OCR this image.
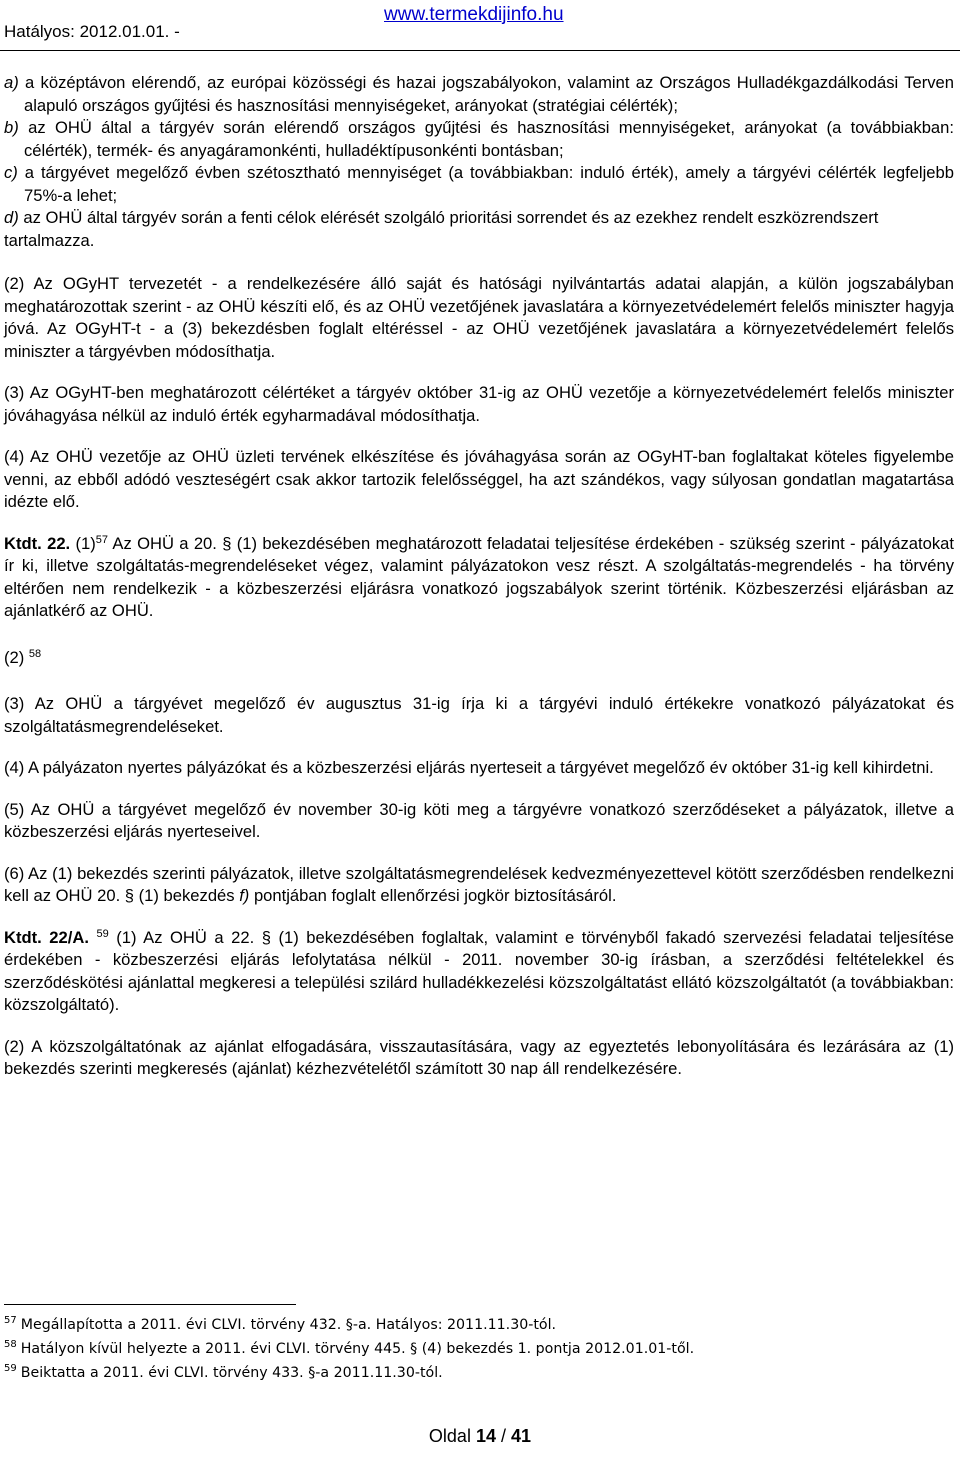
Hatályos: 2012.01.01. -
www.termekdijinfo.hu
a) a középtávon elérendő, az európai közösségi és hazai jogszabályokon, valamint az Országos Hulladékgazdálkodási Terven alapuló országos gyűjtési és hasznosítási mennyiségeket, arányokat (stratégiai célérték);
b) az OHÜ által a tárgyév során elérendő országos gyűjtési és hasznosítási mennyiségeket, arányokat (a továbbiakban: célérték), termék- és anyagáramonkénti, hulladéktípusonkénti bontásban;
c) a tárgyévet megelőző évben szétosztható mennyiséget (a továbbiakban: induló érték), amely a tárgyévi célérték legfeljebb 75%-a lehet;
d) az OHÜ által tárgyév során a fenti célok elérését szolgáló prioritási sorrendet és az ezekhez rendelt eszközrendszert
tartalmazza.
(2) Az OGyHT tervezetét - a rendelkezésére álló saját és hatósági nyilvántartás adatai alapján, a külön jogszabályban meghatározottak szerint - az OHÜ készíti elő, és az OHÜ vezetőjének javaslatára a környezetvédelemért felelős miniszter hagyja jóvá. Az OGyHT-t - a (3) bekezdésben foglalt eltéréssel - az OHÜ vezetőjének javaslatára a környezetvédelemért felelős miniszter a tárgyévben módosíthatja.
(3) Az OGyHT-ben meghatározott célértéket a tárgyév október 31-ig az OHÜ vezetője a környezetvédelemért felelős miniszter jóváhagyása nélkül az induló érték egyharmadával módosíthatja.
(4) Az OHÜ vezetője az OHÜ üzleti tervének elkészítése és jóváhagyása során az OGyHT-ban foglaltakat köteles figyelembe venni, az ebből adódó veszteségért csak akkor tartozik felelősséggel, ha azt szándékos, vagy súlyosan gondatlan magatartása idézte elő.
Ktdt. 22. $(1)^{57}$ Az OHÜ a 20. § (1) bekezdésében meghatározott feladatai teljesítése érdekében - szükség szerint - pályázatokat ír ki, illetve szolgáltatás-megrendeléseket végez, valamint pályázatokon vesz részt. A szolgáltatás-megrendelés - ha törvény eltérően nem rendelkezik - a közbeszerzési eljárásra vonatkozó jogszabályok szerint történik. Közbeszerzési eljárásban az ajánlatkérő az OHÜ.
(2) $^{58}$
(3) Az OHÜ a tárgyévet megelőző év augusztus 31-ig írja ki a tárgyévi induló értékekre vonatkozó pályázatokat és szolgáltatásmegrendeléseket.
(4) A pályázaton nyertes pályázókat és a közbeszerzési eljárás nyerteseit a tárgyévet megelőző év október 31-ig kell kihirdetni.
(5) Az OHÜ a tárgyévet megelőző év november 30-ig köti meg a tárgyévre vonatkozó szerződéseket a pályázatok, illetve a közbeszerzési eljárás nyerteseivel.
(6) Az (1) bekezdés szerinti pályázatok, illetve szolgáltatásmegrendelések kedvezményezettevel kötött szerződésben rendelkezni kell az OHÜ 20. § (1) bekezdés f) pontjában foglalt ellenőrzési jogkör biztosításáról.
Ktdt. 22/A. $^{59}$ (1) Az OHÜ a 22. § (1) bekezdésében foglaltak, valamint e törvényből fakadó szervezési feladatai teljesítése érdekében - közbeszerzési eljárás lefolytatása nélkül - 2011. november 30-ig írásban, a szerződési feltételekkel és szerződéskötési ajánlattal megkeresi a települési szilárd hulladékkezelési közszolgáltatást ellátó közszolgáltatót (a továbbiakban: közszolgáltató).
(2) A közszolgáltatónak az ajánlat elfogadására, visszautasítására, vagy az egyeztetés lebonyolítására és lezárására az (1) bekezdés szerinti megkeresés (ajánlat) kézhezvételétől számított 30 nap áll rendelkezésére.
$^{57}$ Megállapította a 2011. évi CLVI. törvény 432. §-a. Hatályos: 2011.11.30-tól.
$^{58}$ Hatályon kívül helyezte a 2011. évi CLVI. törvény 445. § (4) bekezdés 1. pontja 2012.01.01-től.
$^{59}$ Beiktatta a 2011. évi CLVI. törvény 433. §-a 2011.11.30-tól.
Oldal 14 / 41
